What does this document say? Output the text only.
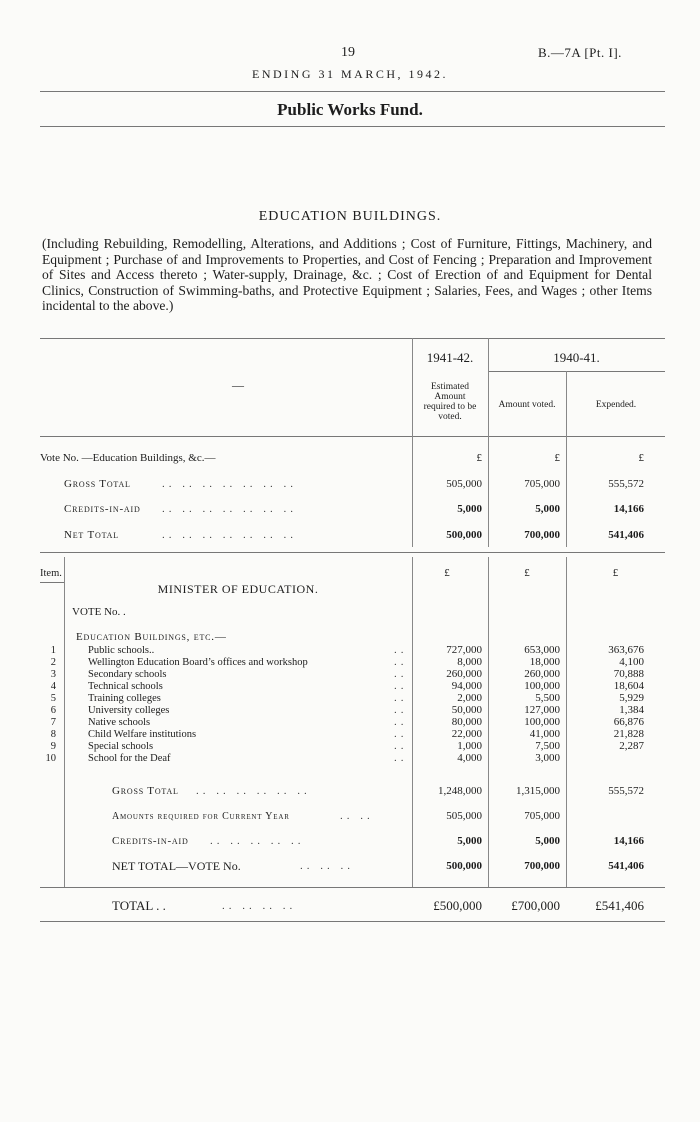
19	B.—7A [Pt. I].
ENDING 31 MARCH, 1942.
Public Works Fund.
EDUCATION BUILDINGS.
(Including Rebuilding, Remodelling, Alterations, and Additions ; Cost of Furniture, Fittings, Machinery, and Equipment ; Purchase of and Improvements to Properties, and Cost of Fencing ; Preparation and Improvement of Sites and Access thereto ; Water-supply, Drainage, &c. ; Cost of Erection of and Equipment for Dental Clinics, Construction of Swimming-baths, and Protective Equipment ; Salaries, Fees, and Wages ; other Items incidental to the above.)
—
1941-42.	1940-41.
Estimated Amount required to be voted.
Amount voted.	Expended.
Vote No. —Education Buildings, &c.—	£	£	£
Gross Total	.. .. .. .. .. .. ..	505,000	705,000	555,572
Credits-in-aid .. .. .. .. .. .. ..	5,000	5,000	14,166
Net Total	.. .. .. .. .. .. ..	500,000	700,000	541,406
Item.	£	£	£
MINISTER OF EDUCATION.
VOTE No. .
Education Buildings, etc.—
1	Public schools..	..	727,000	653,000	363,676
2	Wellington Education Board’s offices and workshop	..	8,000	18,000	4,100
3	Secondary schools	..	260,000	260,000	70,888
4	Technical schools	..	94,000	100,000	18,604
5	Training colleges	..	2,000	5,500	5,929
6	University colleges	..	50,000	127,000	1,384
7	Native schools	..	80,000	100,000	66,876
8	Child Welfare institutions	..	22,000	41,000	21,828
9	Special schools	..	1,000	7,500	2,287
10	School for the Deaf	..	4,000	3,000
Gross Total .. .. .. .. .. ..	1,248,000	1,315,000	555,572
Amounts required for Current Year	.. ..	505,000	705,000
Credits-in-aid .. .. .. .. ..	5,000	5,000	14,166
NET TOTAL—VOTE No.	.. .. ..	500,000	700,000	541,406
TOTAL . .	.. .. .. ..	£500,000	£700,000	£541,406
